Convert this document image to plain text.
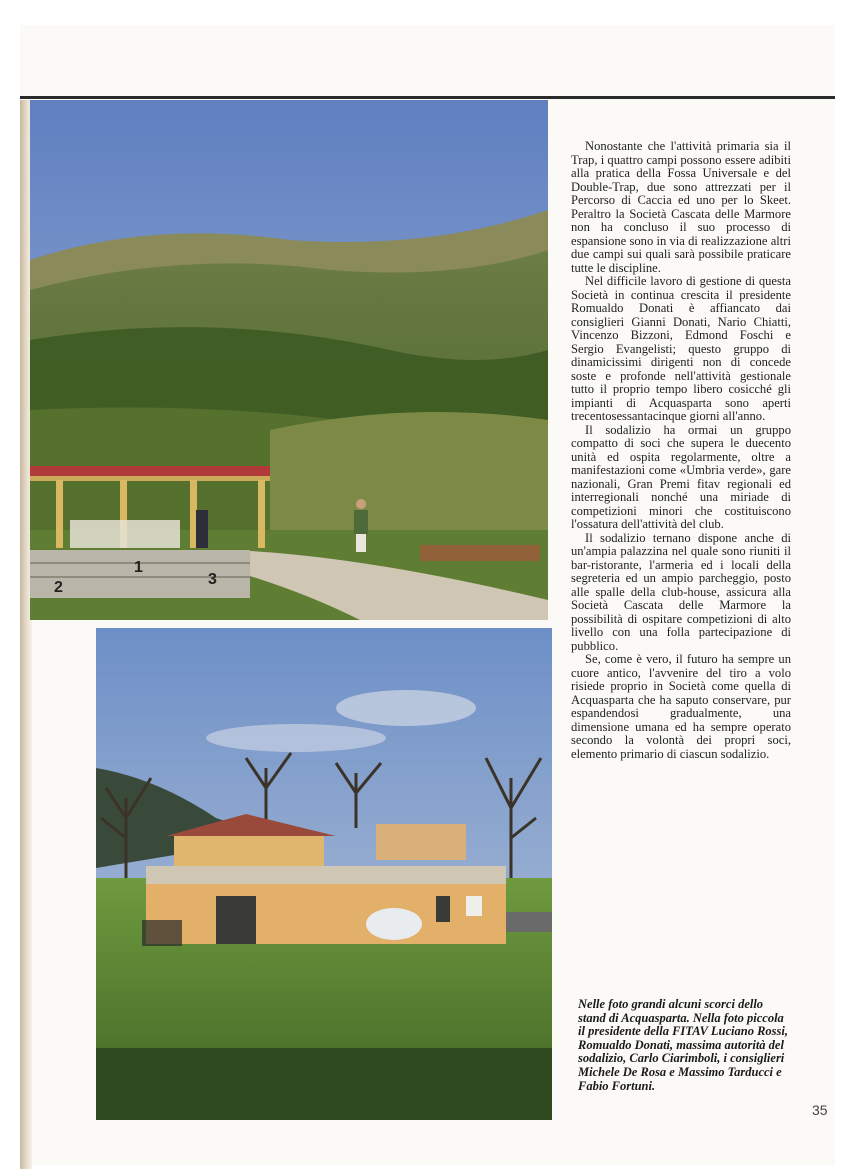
2
1
3

Nonostante che l'attività primaria sia il Trap, i quattro campi possono essere adibiti alla pratica della Fossa Universale e del Double-Trap, due sono attrezzati per il Percorso di Caccia ed uno per lo Skeet. Peraltro la Società Cascata delle Marmore non ha concluso il suo processo di espansione sono in via di realizzazione altri due campi sui quali sarà possibile praticare tutte le discipline.

Nel difficile lavoro di gestione di questa Società in continua crescita il presidente Romualdo Donati è affiancato dai consiglieri Gianni Donati, Nario Chiatti, Vincenzo Bizzoni, Edmond Foschi e Sergio Evangelisti; questo gruppo di dinamicissimi dirigenti non di concede soste e profonde nell'attività gestionale tutto il proprio tempo libero cosicché gli impianti di Acquasparta sono aperti trecentosessantacinque giorni all'anno.

Il sodalizio ha ormai un gruppo compatto di soci che supera le duecento unità ed ospita regolarmente, oltre a manifestazioni come «Umbria verde», gare nazionali, Gran Premi fitav regionali ed interregionali nonché una miriade di competizioni minori che costituiscono l'ossatura dell'attività del club.

Il sodalizio ternano dispone anche di un'ampia palazzina nel quale sono riuniti il bar-ristorante, l'armeria ed i locali della segreteria ed un ampio parcheggio, posto alle spalle della club-house, assicura alla Società Cascata delle Marmore la possibilità di ospitare competizioni di alto livello con una folla partecipazione di pubblico.

Se, come è vero, il futuro ha sempre un cuore antico, l'avvenire del tiro a volo risiede proprio in Società come quella di Acquasparta che ha saputo conservare, pur espandendosi gradualmente, una dimensione umana ed ha sempre operato secondo la volontà dei propri soci, elemento primario di ciascun sodalizio.

Nelle foto grandi alcuni scorci dello stand di Acquasparta. Nella foto piccola il presidente della FITAV Luciano Rossi, Romualdo Donati, massima autorità del sodalizio, Carlo Ciarimboli, i consiglieri Michele De Rosa e Massimo Tarducci e Fabio Fortuni.
35
